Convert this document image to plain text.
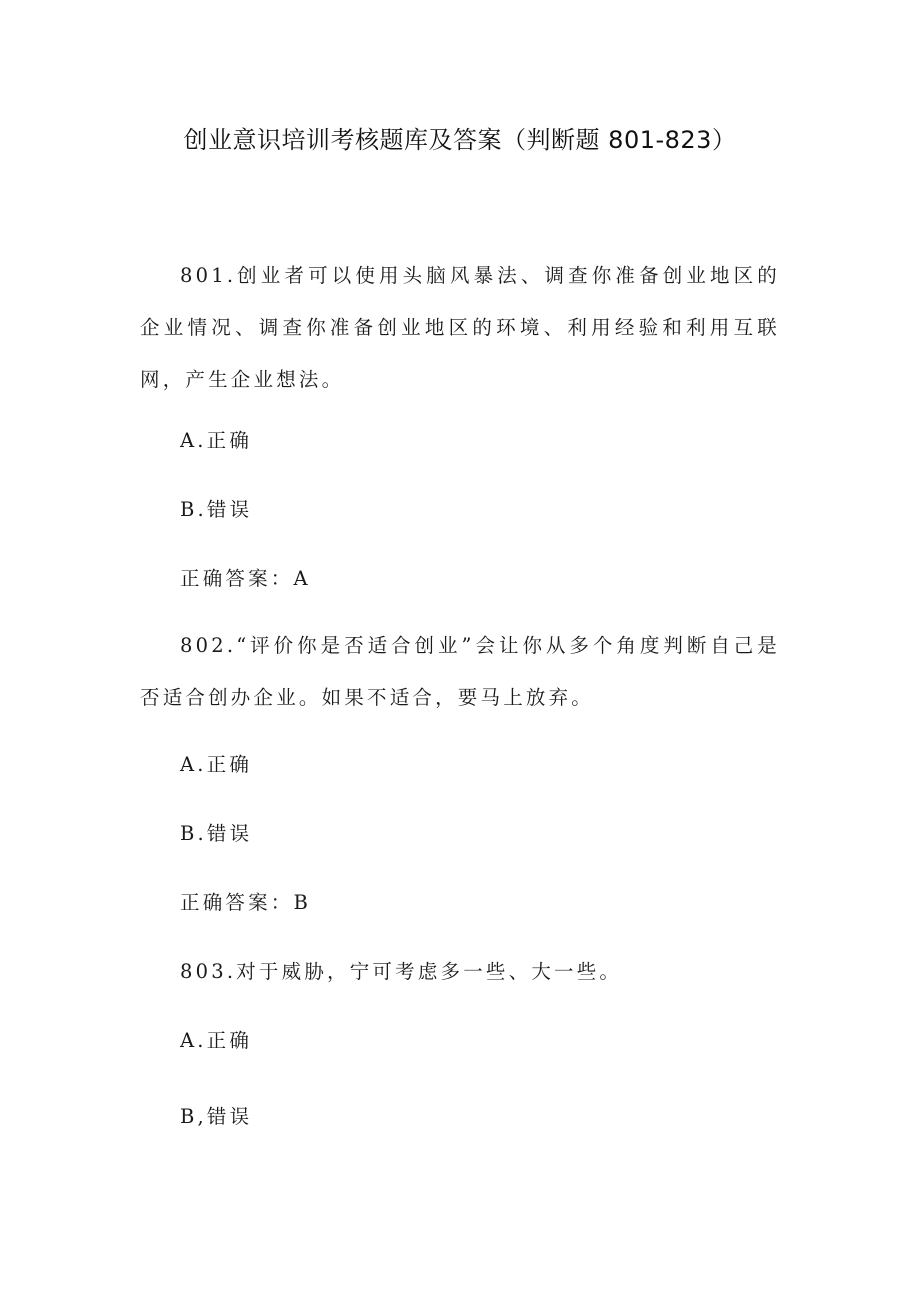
创业意识培训考核题库及答案（判断题 801-823）
801.创业者可以使用头脑风暴法、调查你准备创业地区的企业情况、调查你准备创业地区的环境、利用经验和利用互联网，产生企业想法。
A.正确
B.错误
正确答案：A
802.“评价你是否适合创业”会让你从多个角度判断自己是否适合创办企业。如果不适合，要马上放弃。
A.正确
B.错误
正确答案：B
803.对于威胁，宁可考虑多一些、大一些。
A.正确
B,错误
